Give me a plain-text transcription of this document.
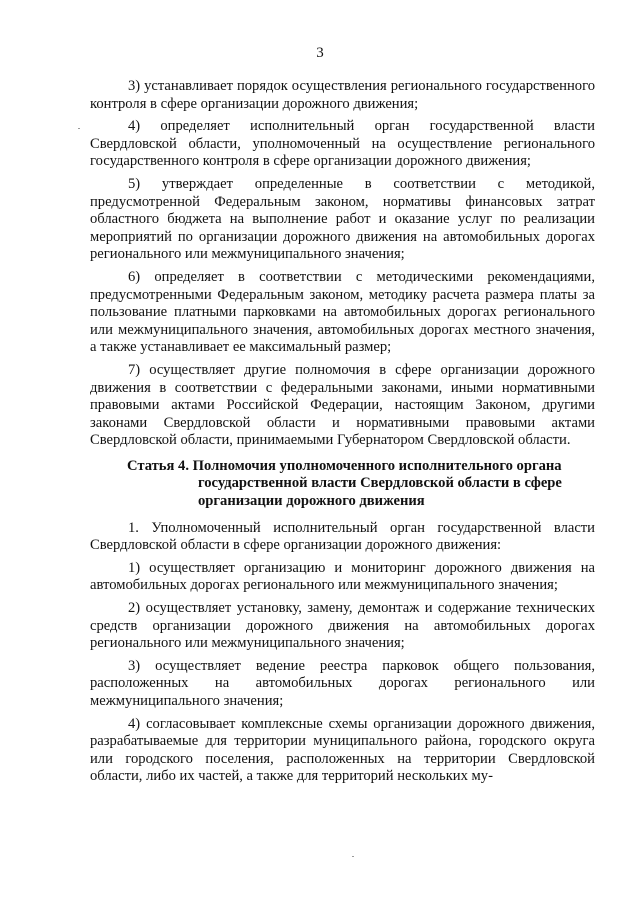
3

3) устанавливает порядок осуществления регионального государственного контроля в сфере организации дорожного движения;

4) определяет исполнительный орган государственной власти Свердловской области, уполномоченный на осуществление регионального государственного контроля в сфере организации дорожного движения;

5) утверждает определенные в соответствии с методикой, предусмотренной Федеральным законом, нормативы финансовых затрат областного бюджета на выполнение работ и оказание услуг по реализации мероприятий по организации дорожного движения на автомобильных дорогах регионального или межмуниципального значения;

6) определяет в соответствии с методическими рекомендациями, предусмотренными Федеральным законом, методику расчета размера платы за пользование платными парковками на автомобильных дорогах регионального или межмуниципального значения, автомобильных дорогах местного значения, а также устанавливает ее максимальный размер;

7) осуществляет другие полномочия в сфере организации дорожного движения в соответствии с федеральными законами, иными нормативными правовыми актами Российской Федерации, настоящим Законом, другими законами Свердловской области и нормативными правовыми актами Свердловской области, принимаемыми Губернатором Свердловской области.

Статья 4. Полномочия уполномоченного исполнительного органа государственной власти Свердловской области в сфере организации дорожного движения

1. Уполномоченный исполнительный орган государственной власти Свердловской области в сфере организации дорожного движения:

1) осуществляет организацию и мониторинг дорожного движения на автомобильных дорогах регионального или межмуниципального значения;

2) осуществляет установку, замену, демонтаж и содержание технических средств организации дорожного движения на автомобильных дорогах регионального или межмуниципального значения;

3) осуществляет ведение реестра парковок общего пользования, расположенных на автомобильных дорогах регионального или межмуниципального значения;

4) согласовывает комплексные схемы организации дорожного движения, разрабатываемые для территории муниципального района, городского округа или городского поселения, расположенных на территории Свердловской области, либо их частей, а также для территорий нескольких му-
